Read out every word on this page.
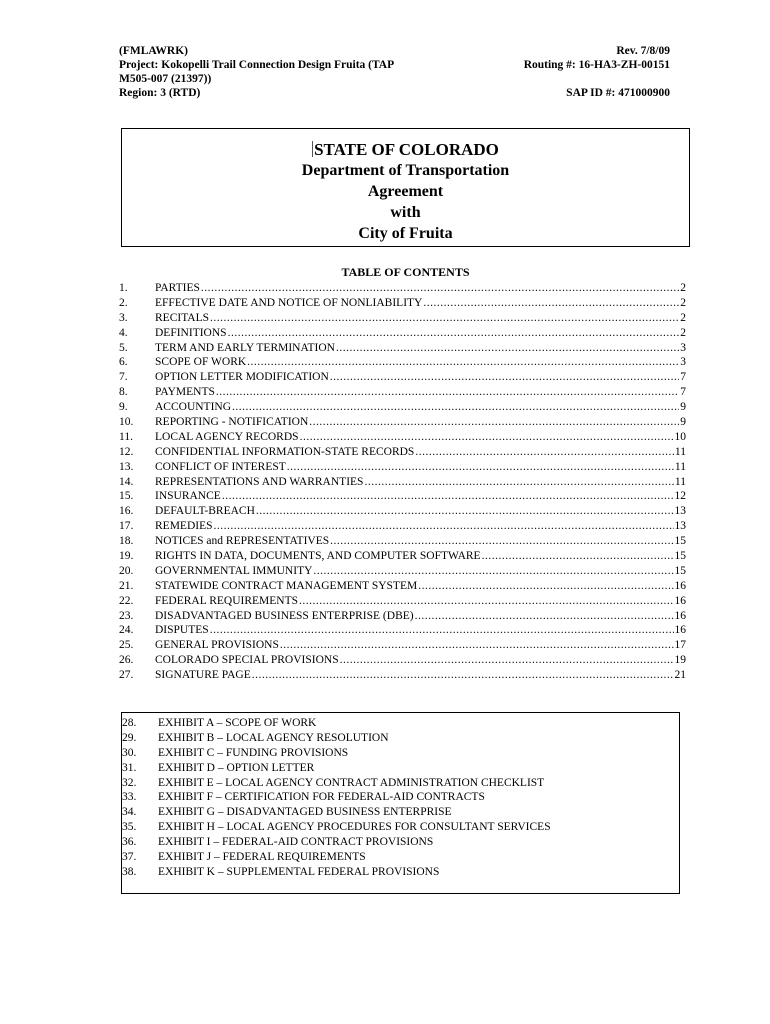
(FMLAWRK)
Project: Kokopelli Trail Connection Design Fruita (TAP
M505-007 (21397))
Region: 3 (RTD)
Rev. 7/8/09
Routing #: 16-HA3-ZH-00151
SAP ID #: 471000900
STATE OF COLORADO
Department of Transportation
Agreement
with
City of Fruita
TABLE OF CONTENTS
1.	PARTIES .....	2
2.	EFFECTIVE DATE AND NOTICE OF NONLIABILITY .....	2
3.	RECITALS .....	2
4.	DEFINITIONS .....	2
5.	TERM AND EARLY TERMINATION .....	3
6.	SCOPE OF WORK .....	3
7.	OPTION LETTER MODIFICATION .....	7
8.	PAYMENTS .....	7
9.	ACCOUNTING .....	9
10.	REPORTING - NOTIFICATION .....	9
11.	LOCAL AGENCY RECORDS .....	10
12.	CONFIDENTIAL INFORMATION-STATE RECORDS .....	11
13.	CONFLICT OF INTEREST .....	11
14.	REPRESENTATIONS AND WARRANTIES .....	11
15.	INSURANCE .....	12
16.	DEFAULT-BREACH .....	13
17.	REMEDIES .....	13
18.	NOTICES and REPRESENTATIVES .....	15
19.	RIGHTS IN DATA, DOCUMENTS, AND COMPUTER SOFTWARE .....	15
20.	GOVERNMENTAL IMMUNITY .....	15
21.	STATEWIDE CONTRACT MANAGEMENT SYSTEM .....	16
22.	FEDERAL REQUIREMENTS .....	16
23.	DISADVANTAGED BUSINESS ENTERPRISE (DBE) .....	16
24.	DISPUTES .....	16
25.	GENERAL PROVISIONS .....	17
26.	COLORADO SPECIAL PROVISIONS .....	19
27.	SIGNATURE PAGE .....	21
28.	EXHIBIT A – SCOPE OF WORK
29.	EXHIBIT B – LOCAL AGENCY RESOLUTION
30.	EXHIBIT C – FUNDING PROVISIONS
31.	EXHIBIT D – OPTION LETTER
32.	EXHIBIT E – LOCAL AGENCY CONTRACT ADMINISTRATION CHECKLIST
33.	EXHIBIT F – CERTIFICATION FOR FEDERAL-AID CONTRACTS
34.	EXHIBIT G – DISADVANTAGED BUSINESS ENTERPRISE
35.	EXHIBIT H – LOCAL AGENCY PROCEDURES FOR CONSULTANT SERVICES
36.	EXHIBIT I – FEDERAL-AID CONTRACT PROVISIONS
37.	EXHIBIT J – FEDERAL REQUIREMENTS
38.	EXHIBIT K – SUPPLEMENTAL FEDERAL PROVISIONS
